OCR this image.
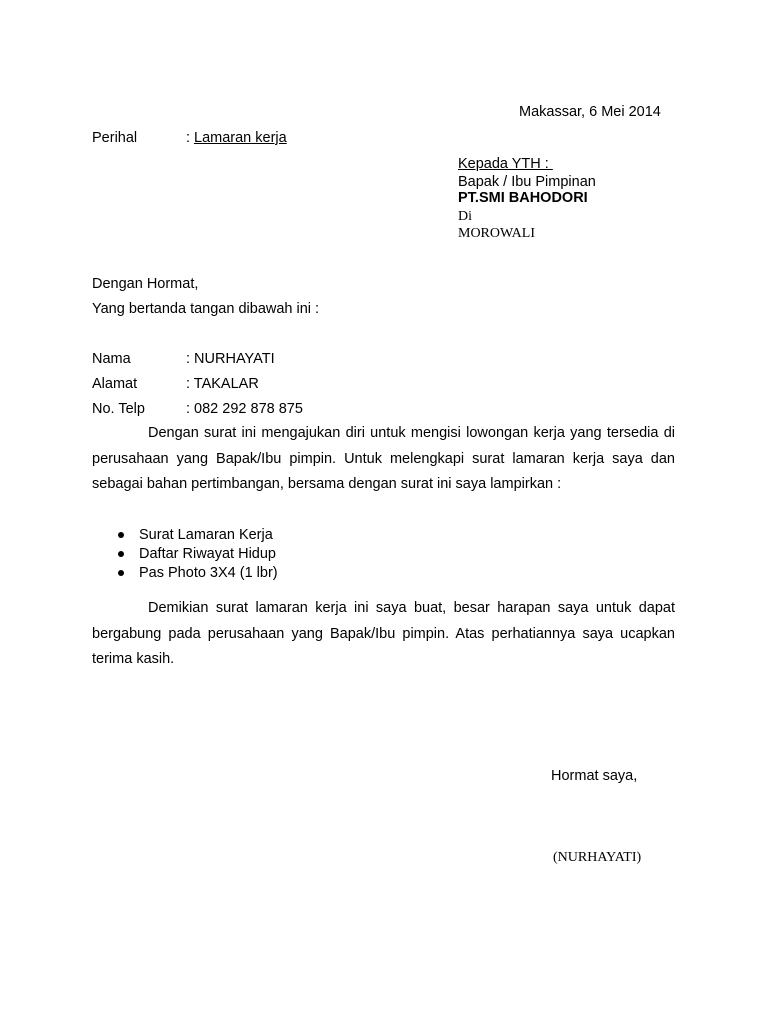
Makassar, 6 Mei 2014
Perihal	: Lamaran kerja
Kepada YTH :
Bapak / Ibu Pimpinan
PT.SMI BAHODORI
Di
MOROWALI
Dengan Hormat,
Yang bertanda tangan dibawah ini :
Nama	: NURHAYATI
Alamat	: TAKALAR
No. Telp	: 082 292 878 875
Dengan surat ini mengajukan diri untuk mengisi lowongan kerja yang tersedia di perusahaan yang Bapak/Ibu pimpin. Untuk melengkapi surat lamaran kerja saya dan sebagai bahan pertimbangan, bersama dengan surat ini saya lampirkan :
Surat Lamaran Kerja
Daftar Riwayat Hidup
Pas Photo 3X4 (1 lbr)
Demikian surat lamaran kerja ini saya buat, besar harapan saya untuk dapat bergabung pada perusahaan yang Bapak/Ibu pimpin. Atas perhatiannya saya ucapkan terima kasih.
Hormat saya,
(NURHAYATI)
